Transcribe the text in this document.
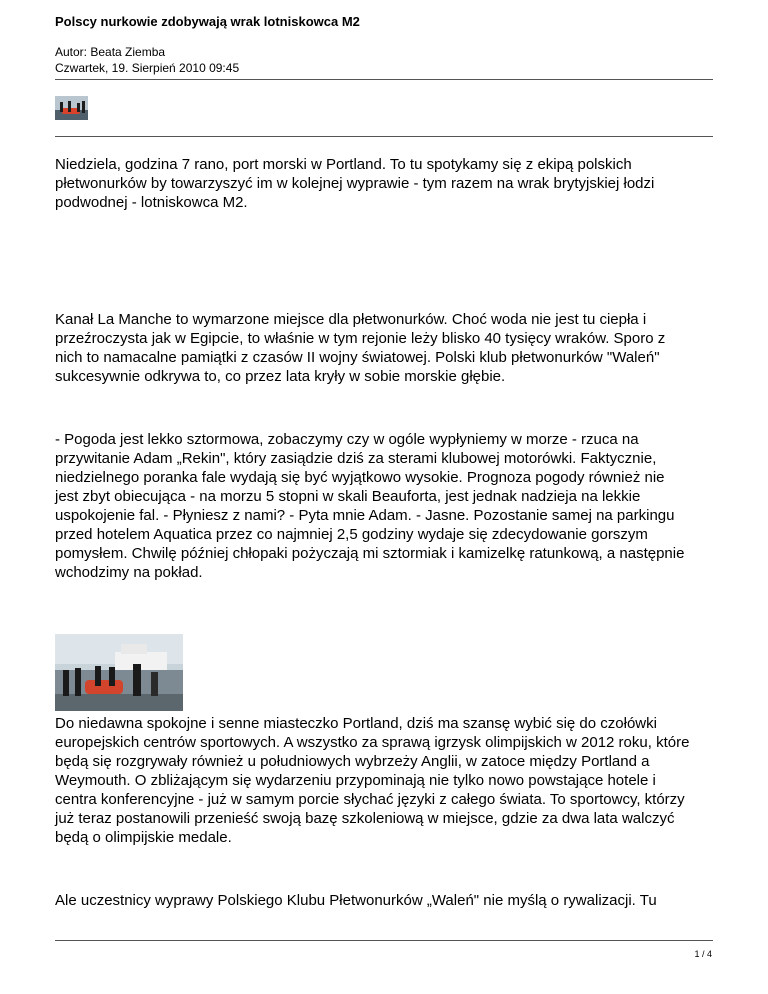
Polscy nurkowie zdobywają wrak lotniskowca M2
Autor: Beata Ziemba
Czwartek, 19. Sierpień 2010 09:45
Niedziela, godzina 7 rano, port morski w Portland. To tu spotykamy się z ekipą polskich
płetwonurków by towarzyszyć im w kolejnej wyprawie - tym razem na wrak brytyjskiej łodzi
podwodnej - lotniskowca M2.
Kanał La Manche to wymarzone miejsce dla płetwonurków. Choć woda nie jest tu ciepła i
przeźroczysta jak w Egipcie, to właśnie w tym rejonie leży blisko 40 tysięcy wraków. Sporo z
nich to namacalne pamiątki z czasów II wojny światowej. Polski klub płetwonurków "Waleń"
sukcesywnie odkrywa to, co przez lata kryły w sobie morskie głębie.
- Pogoda jest lekko sztormowa, zobaczymy czy w ogóle wypłyniemy w morze - rzuca na
przywitanie Adam „Rekin", który zasiądzie dziś za sterami klubowej motorówki. Faktycznie,
niedzielnego poranka fale wydają się być wyjątkowo wysokie. Prognoza pogody również nie
jest zbyt obiecująca - na morzu 5 stopni w skali Beauforta, jest jednak nadzieja na lekkie
uspokojenie fal. - Płyniesz z nami? - Pyta mnie Adam. - Jasne. Pozostanie samej na parkingu
przed hotelem Aquatica przez co najmniej 2,5 godziny wydaje się zdecydowanie gorszym
pomysłem. Chwilę później chłopaki pożyczają mi sztormiak i kamizelkę ratunkową, a następnie
wchodzimy na pokład.
Do niedawna spokojne i senne miasteczko Portland, dziś ma szansę wybić się do czołówki
europejskich centrów sportowych. A wszystko za sprawą igrzysk olimpijskich w 2012 roku, które
będą się rozgrywały również u południowych wybrzeży Anglii, w zatoce między Portland a
Weymouth. O zbliżającym się wydarzeniu przypominają nie tylko nowo powstające hotele i
centra konferencyjne - już w samym porcie słychać języki z całego świata. To sportowcy, którzy
już teraz postanowili przenieść swoją bazę szkoleniową w miejsce, gdzie za dwa lata walczyć
będą o olimpijskie medale.
Ale uczestnicy wyprawy Polskiego Klubu Płetwonurków „Waleń" nie myślą o rywalizacji. Tu
1 / 4
